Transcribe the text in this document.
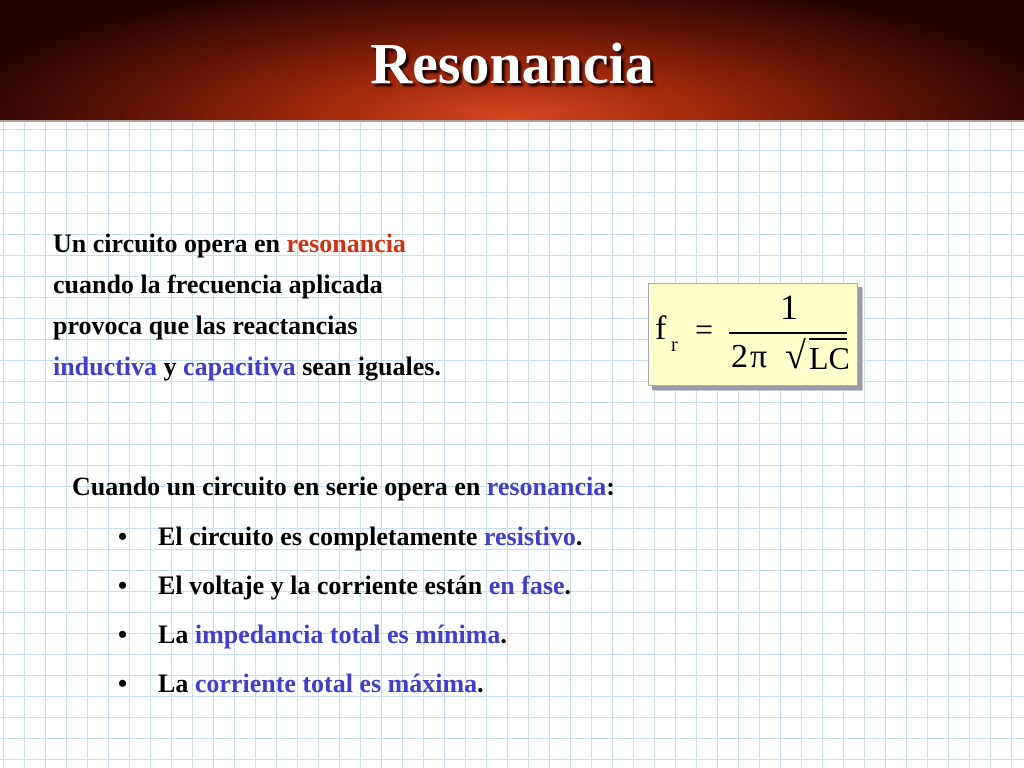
Resonancia
Un circuito opera en resonancia
cuando la frecuencia aplicada
provoca que las reactancias
inductiva y capacitiva sean iguales.
f r =
1
2 π √ LC
Cuando un circuito en serie opera en resonancia:
• El circuito es completamente resistivo.
• El voltaje y la corriente están en fase.
• La impedancia total es mínima.
• La corriente total es máxima.
